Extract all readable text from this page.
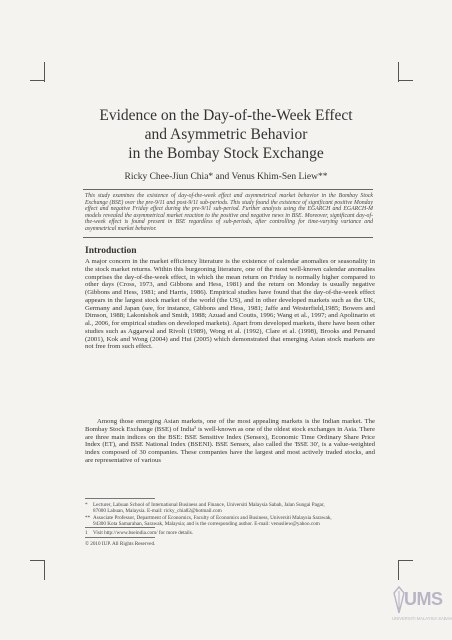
Evidence on the Day-of-the-Week Effect
and Asymmetric Behavior
in the Bombay Stock Exchange
Ricky Chee-Jiun Chia* and Venus Khim-Sen Liew**
This study examines the existence of day-of-the-week effect and asymmetrical market behavior in the Bombay Stock Exchange (BSE) over the pre-9/11 and post-9/11 sub-periods. This study found the existence of significant positive Monday effect and negative Friday effect during the pre-9/11 sub-period. Further analysis using the EGARCH and EGARCH-M models revealed the asymmetrical market reaction to the positive and negative news in BSE. Moreover, significant day-of-the-week effect is found present in BSE regardless of sub-periods, after controlling for time-varying variance and asymmetrical market behavior.
Introduction
A major concern in the market efficiency literature is the existence of calendar anomalies or seasonality in the stock market returns. Within this burgeoning literature, one of the most well-known calendar anomalies comprises the day-of-the-week effect, in which the mean return on Friday is normally higher compared to other days (Cross, 1973, and Gibbons and Hess, 1981) and the return on Monday is usually negative (Gibbons and Hess, 1981; and Harris, 1986). Empirical studies have found that the day-of-the-week effect appears in the largest stock market of the world (the US), and in other developed markets such as the UK, Germany and Japan (see, for instance, Gibbons and Hess, 1981; Jaffe and Westerfield,1985; Bowers and Dimson, 1988; Lakonishok and Smidt, 1988; Azuad and Coutts, 1996; Wang et al., 1997; and Apolinario et al., 2006, for empirical studies on developed markets). Apart from developed markets, there have been other studies such as Aggarwal and Rivoli (1989), Wong et al. (1992), Clare et al. (1998), Brooks and Persand (2001), Kok and Wong (2004) and Hui (2005) which demonstrated that emerging Asian stock markets are not free from such effect.
Among those emerging Asian markets, one of the most appealing markets is the Indian market. The Bombay Stock Exchange (BSE) of India¹ is well-known as one of the oldest stock exchanges in Asia. There are three main indices on the BSE: BSE Sensitive Index (Sensex), Economic Time Ordinary Share Price Index (ET), and BSE National Index (BSENI). BSE Sensex, also called the 'BSE 30', is a value-weighted index composed of 30 companies. These companies have the largest and most actively traded stocks, and are representative of various
* Lecturer, Labuan School of International Business and Finance, Universiti Malaysia Sabah, Jalan Sungai Pagar,
87000 Labuan, Malaysia. E-mail: ricky_chia82@hotmail.com
** Associate Professor, Department of Economics, Faculty of Economics and Business, Universiti Malaysia Sarawak,
94300 Kota Samarahan, Sarawak, Malaysia; and is the corresponding author. E-mail: venusliew@yahoo.com
1 Visit http://www.bseindia.com/ for more details.
© 2010 IUP. All Rights Reserved.
UMS
UNIVERSITI MALAYSIA SABAH
